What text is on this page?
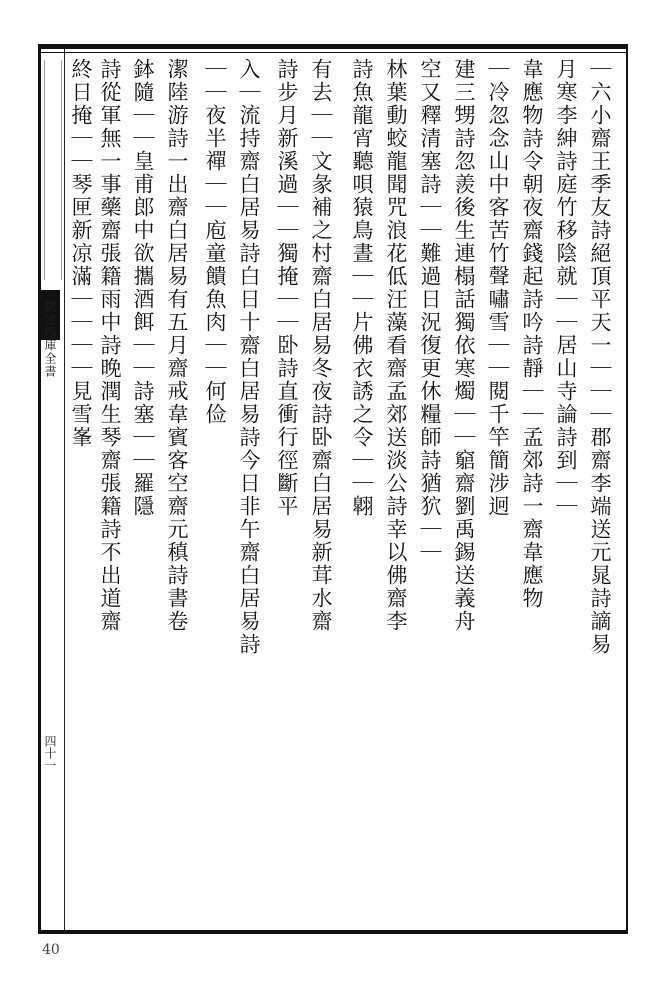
欽定四庫全書
四十一
40
｜六小齋王季友詩絕頂平天一｜｜｜郡齋李端送元晁詩謫易
月寒李紳詩庭竹移陰就｜｜居山寺論詩到｜｜
韋應物詩令朝夜齋錢起詩吟詩靜｜｜孟郊詩一齋韋應物
｜冷忽念山中客苦竹聲嘯雪｜｜閱千竿簡涉迥
建三甥詩忽羨後生連榻話獨依寒燭｜｜竆齋劉禹錫送義舟
空又釋清塞詩｜｜難過日況復更休糧師詩猶狖｜｜
林葉動蛟龍聞咒浪花低汪藻看齋孟郊送淡公詩幸以佛齋李
詩魚龍宵聽唄猿鳥晝｜｜片佛衣誘之令｜｜翺
有去｜｜文彖補之村齋白居易冬夜詩卧齋白居易新茸水齋
詩步月新溪過｜｜獨掩｜｜卧詩直衝行徑斷平
入｜流持齋白居易詩白日十齋白居易詩今日非午齋白居易詩
｜｜夜半禪｜｜庖童饋魚肉｜｜何俭
潔陸游詩一出齋白居易有五月齋戒韋賓客空齋元稹詩書卷
鉢隨｜｜皇甫郎中欲攜酒餌｜｜詩塞｜｜羅隱
詩從軍無一事藥齋張籍雨中詩晚潤生琴齋張籍詩不出道齋
終日掩｜｜琴匣新凉滿｜｜｜｜見雪峯
